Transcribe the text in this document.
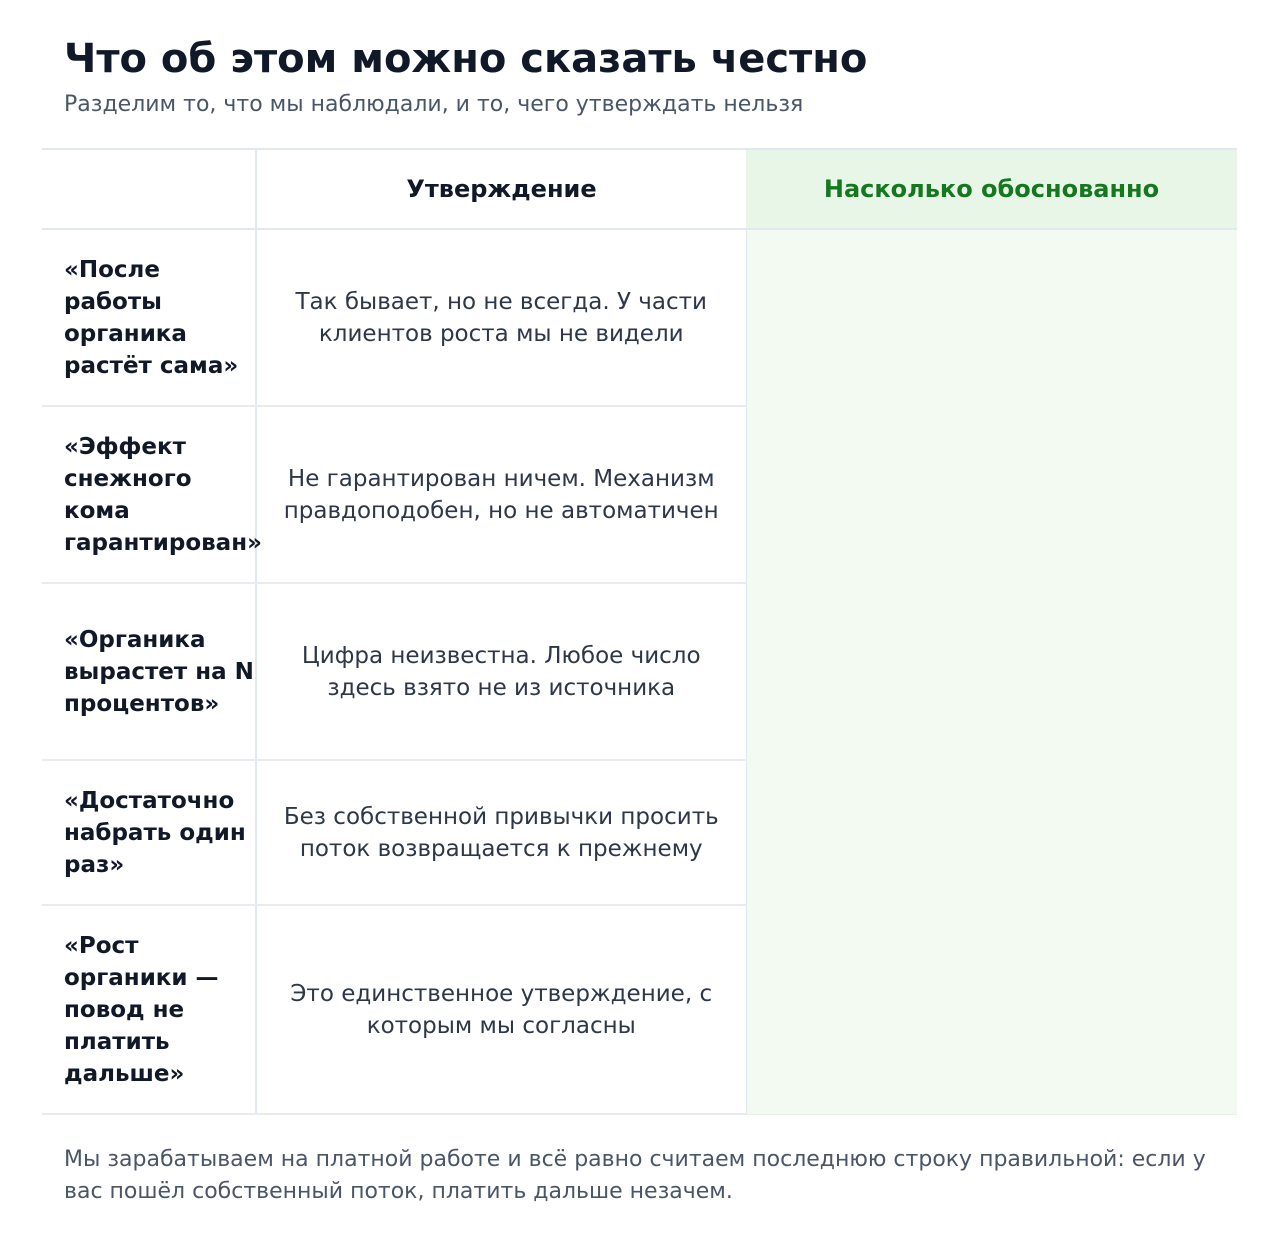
Что об этом можно сказать честно

Разделим то, что мы наблюдали, и то, чего утверждать нельзя

	Утверждение	Насколько обоснованно

«После работы органика растёт сама»	Так бывает, но не всегда. У части клиентов роста мы не видели	

«Эффект снежного кома гарантирован»	Не гарантирован ничем. Механизм правдоподобен, но не автоматичен	

«Органика вырастет на N процентов»	Цифра неизвестна. Любое число здесь взято не из источника	

«Достаточно набрать один раз»	Без собственной привычки просить поток возвращается к прежнему	

«Рост органики — повод не платить дальше»	Это единственное утверждение, с которым мы согласны	

Мы зарабатываем на платной работе и всё равно считаем последнюю строку правильной: если у вас пошёл собственный поток, платить дальше незачем.
